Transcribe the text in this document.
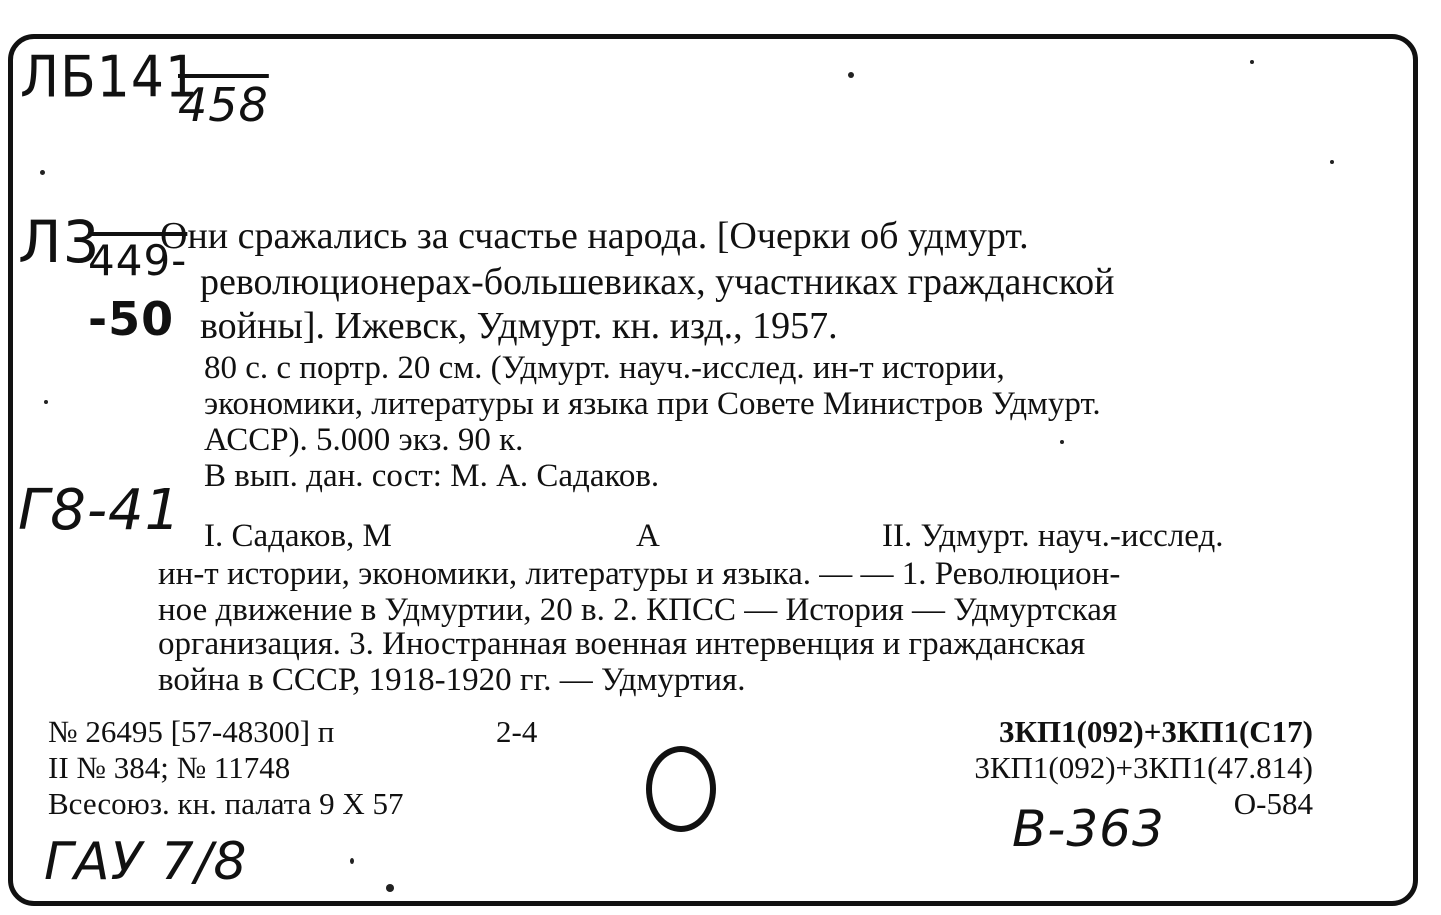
ЛБ141
458
Л3
449-
-50
Г8-41
ГАУ 7/8
В-363
Они сражались за счастье народа. [Очерки об удмурт.
революционерах-большевиках, участниках гражданской
войны]. Ижевск, Удмурт. кн. изд., 1957.
80 с. с портр. 20 см. (Удмурт. науч.-исслед. ин-т истории,
экономики, литературы и языка при Совете Министров Удмурт.
АССР). 5.000 экз. 90 к.
В вып. дан. сост: М. А. Садаков.
I. Садаков, М	А	II. Удмурт. науч.-исслед.
ин-т истории, экономики, литературы и языка. — — 1. Революцион-
ное движение в Удмуртии, 20 в. 2. КПСС — История — Удмуртская
организация. 3. Иностранная военная интервенция и гражданская
война в СССР, 1918-1920 гг. — Удмуртия.
№ 26495 [57-48300] п	2-4
II № 384; № 11748
Всесоюз. кн. палата 9 X 57
3КП1(092)+3КП1(С17)
3КП1(092)+3КП1(47.814)
О-584
